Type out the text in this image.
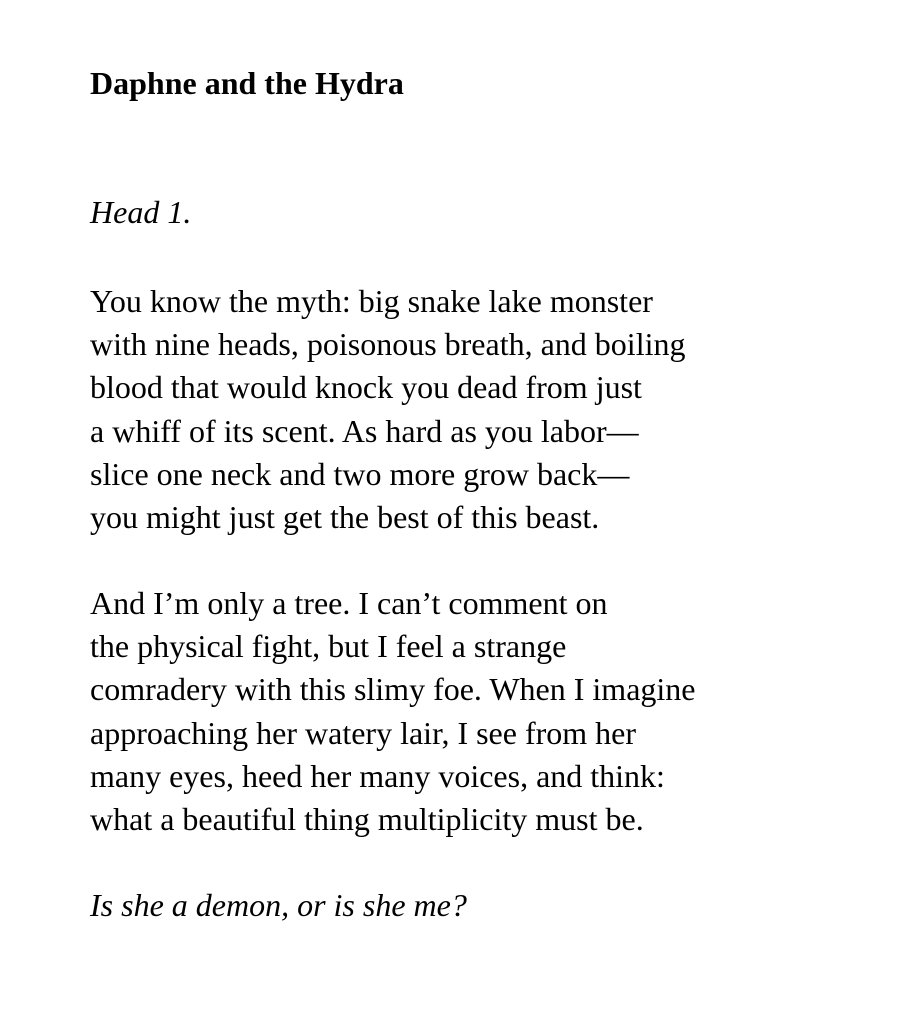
Daphne and the Hydra
Head 1.

You know the myth: big snake lake monster
with nine heads, poisonous breath, and boiling
blood that would knock you dead from just
a whiff of its scent. As hard as you labor—
slice one neck and two more grow back—
you might just get the best of this beast.

And I’m only a tree. I can’t comment on
the physical fight, but I feel a strange
comradery with this slimy foe. When I imagine
approaching her watery lair, I see from her
many eyes, heed her many voices, and think:
what a beautiful thing multiplicity must be.

Is she a demon, or is she me?
